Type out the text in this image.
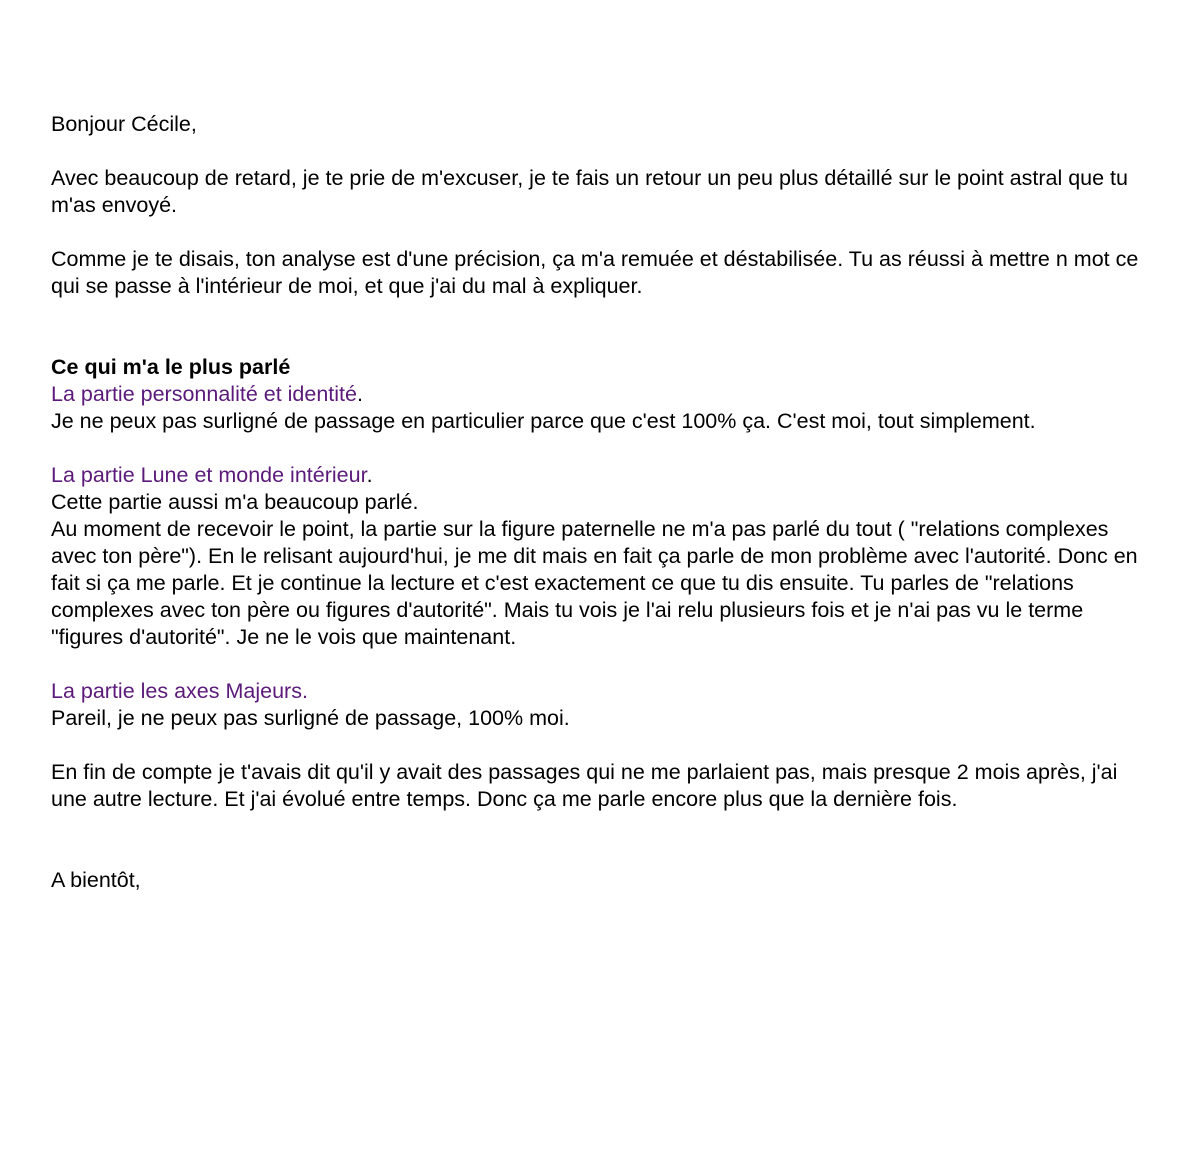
Bonjour Cécile,

Avec beaucoup de retard, je te prie de m'excuser, je te fais un retour un peu plus détaillé sur le point astral que tu m'as envoyé.

Comme je te disais, ton analyse est d'une précision, ça m'a remuée et déstabilisée. Tu as réussi à mettre n mot ce qui se passe à l'intérieur de moi, et que j'ai du mal à expliquer.

Ce qui m'a le plus parlé

La partie personnalité et identité.

Je ne peux pas surligné de passage en particulier parce que c'est 100% ça. C'est moi, tout simplement.

La partie Lune et monde intérieur.

Cette partie aussi m'a beaucoup parlé.

Au moment de recevoir le point, la partie sur la figure paternelle ne m'a pas parlé du tout ( "relations complexes avec ton père"). En le relisant aujourd'hui, je me dit mais en fait ça parle de mon problème avec l'autorité. Donc en fait si ça me parle. Et je continue la lecture et c'est exactement ce que tu dis ensuite. Tu parles de "relations complexes avec ton père ou figures d'autorité". Mais tu vois je l'ai relu plusieurs fois et je n'ai pas vu le terme "figures d'autorité". Je ne le vois que maintenant.

La partie les axes Majeurs.

Pareil, je ne peux pas surligné de passage, 100% moi.

En fin de compte je t'avais dit qu'il y avait des passages qui ne me parlaient pas, mais presque 2 mois après, j'ai une autre lecture. Et j'ai évolué entre temps. Donc ça me parle encore plus que la dernière fois.

A bientôt,
